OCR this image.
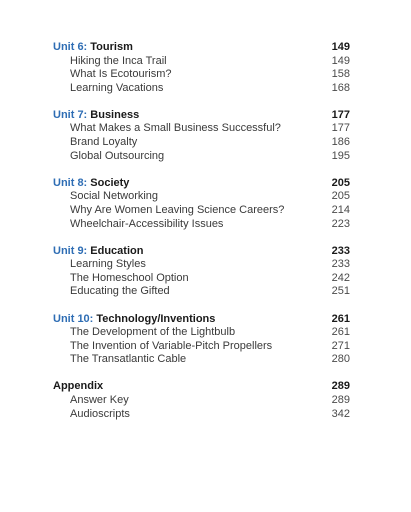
Unit 6: Tourism	149
Hiking the Inca Trail	149
What Is Ecotourism?	158
Learning Vacations	168
Unit 7: Business	177
What Makes a Small Business Successful?	177
Brand Loyalty	186
Global Outsourcing	195
Unit 8: Society	205
Social Networking	205
Why Are Women Leaving Science Careers?	214
Wheelchair-Accessibility Issues	223
Unit 9: Education	233
Learning Styles	233
The Homeschool Option	242
Educating the Gifted	251
Unit 10: Technology/Inventions	261
The Development of the Lightbulb	261
The Invention of Variable-Pitch Propellers	271
The Transatlantic Cable	280
Appendix	289
Answer Key	289
Audioscripts	342
